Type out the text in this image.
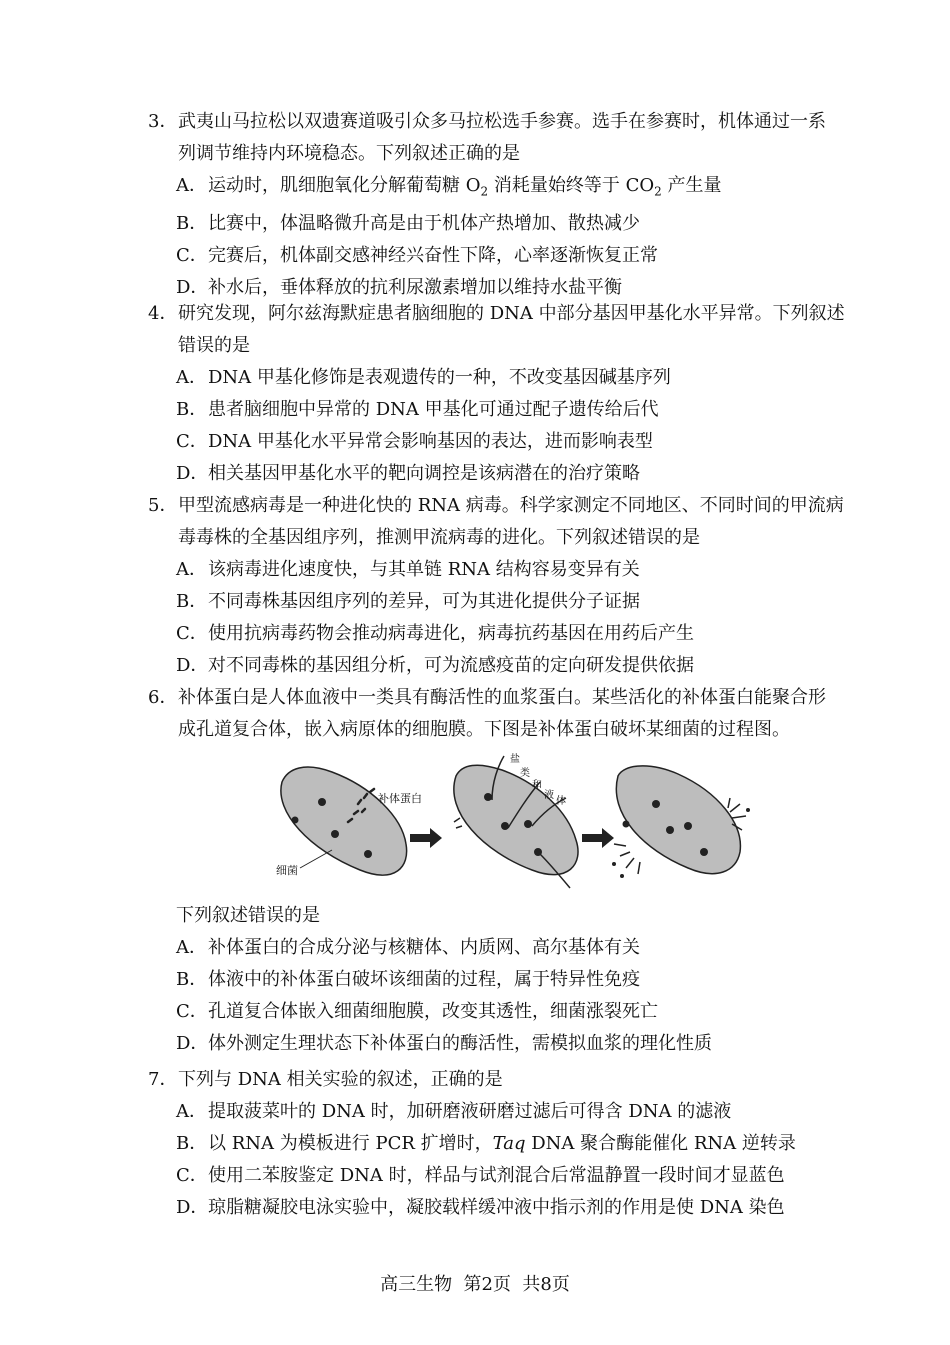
3．武夷山马拉松以双遗赛道吸引众多马拉松选手参赛。选手在参赛时，机体通过一系
列调节维持内环境稳态。下列叙述正确的是
A．运动时，肌细胞氧化分解葡萄糖 $O_2$ 消耗量始终等于 $CO_2$ 产生量
B．比赛中，体温略微升高是由于机体产热增加、散热减少
C．完赛后，机体副交感神经兴奋性下降，心率逐渐恢复正常
D．补水后，垂体释放的抗利尿激素增加以维持水盐平衡
4．研究发现，阿尔兹海默症患者脑细胞的 DNA 中部分基因甲基化水平异常。下列叙述
错误的是
A．DNA 甲基化修饰是表观遗传的一种，不改变基因碱基序列
B．患者脑细胞中异常的 DNA 甲基化可通过配子遗传给后代
C．DNA 甲基化水平异常会影响基因的表达，进而影响表型
D．相关基因甲基化水平的靶向调控是该病潜在的治疗策略
5．甲型流感病毒是一种进化快的 RNA 病毒。科学家测定不同地区、不同时间的甲流病
毒毒株的全基因组序列，推测甲流病毒的进化。下列叙述错误的是
A．该病毒进化速度快，与其单链 RNA 结构容易变异有关
B．不同毒株基因组序列的差异，可为其进化提供分子证据
C．使用抗病毒药物会推动病毒进化，病毒抗药基因在用药后产生
D．对不同毒株的基因组分析，可为流感疫苗的定向研发提供依据
6．补体蛋白是人体血液中一类具有酶活性的血浆蛋白。某些活化的补体蛋白能聚合形
成孔道复合体，嵌入病原体的细胞膜。下图是补体蛋白破坏某细菌的过程图。
补体蛋白
细菌
盐
类
和
液
体
下列叙述错误的是
A．补体蛋白的合成分泌与核糖体、内质网、高尔基体有关
B．体液中的补体蛋白破坏该细菌的过程，属于特异性免疫
C．孔道复合体嵌入细菌细胞膜，改变其透性，细菌涨裂死亡
D．体外测定生理状态下补体蛋白的酶活性，需模拟血浆的理化性质
7．下列与 DNA 相关实验的叙述，正确的是
A．提取菠菜叶的 DNA 时，加研磨液研磨过滤后可得含 DNA 的滤液
B．以 RNA 为模板进行 PCR 扩增时，Taq DNA 聚合酶能催化 RNA 逆转录
C．使用二苯胺鉴定 DNA 时，样品与试剂混合后常温静置一段时间才显蓝色
D．琼脂糖凝胶电泳实验中，凝胶载样缓冲液中指示剂的作用是使 DNA 染色
高三生物  第2页  共8页
